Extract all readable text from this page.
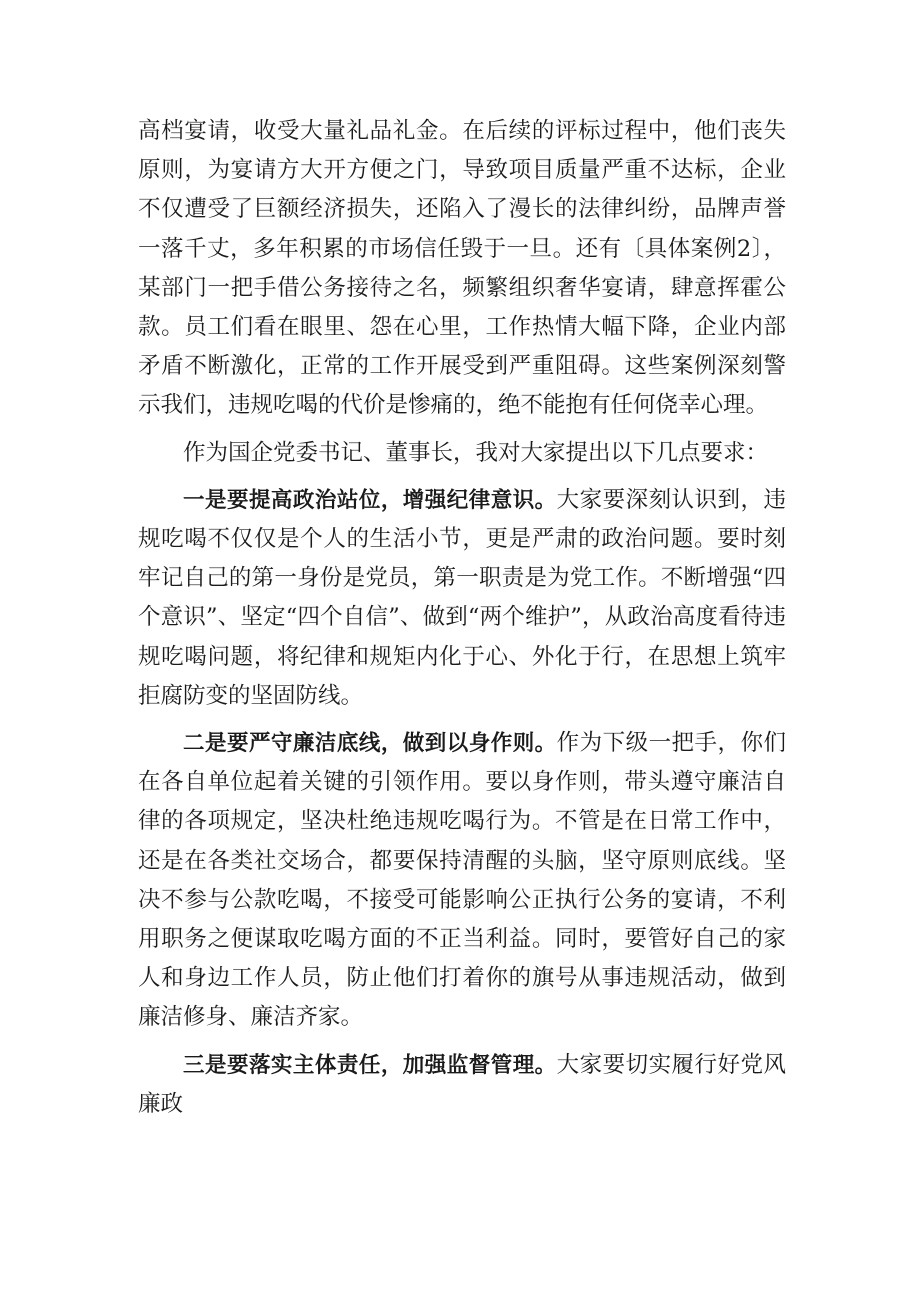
高档宴请，收受大量礼品礼金。在后续的评标过程中，他们丧失原则，为宴请方大开方便之门，导致项目质量严重不达标，企业不仅遭受了巨额经济损失，还陷入了漫长的法律纠纷，品牌声誉一落千丈，多年积累的市场信任毁于一旦。还有〔具体案例2〕，某部门一把手借公务接待之名，频繁组织奢华宴请，肆意挥霍公款。员工们看在眼里、怨在心里，工作热情大幅下降，企业内部矛盾不断激化，正常的工作开展受到严重阻碍。这些案例深刻警示我们，违规吃喝的代价是惨痛的，绝不能抱有任何侥幸心理。

作为国企党委书记、董事长，我对大家提出以下几点要求：

一是要提高政治站位，增强纪律意识。大家要深刻认识到，违规吃喝不仅仅是个人的生活小节，更是严肃的政治问题。要时刻牢记自己的第一身份是党员，第一职责是为党工作。不断增强“四个意识”、坚定“四个自信”、做到“两个维护”，从政治高度看待违规吃喝问题，将纪律和规矩内化于心、外化于行，在思想上筑牢拒腐防变的坚固防线。

二是要严守廉洁底线，做到以身作则。作为下级一把手，你们在各自单位起着关键的引领作用。要以身作则，带头遵守廉洁自律的各项规定，坚决杜绝违规吃喝行为。不管是在日常工作中，还是在各类社交场合，都要保持清醒的头脑，坚守原则底线。坚决不参与公款吃喝，不接受可能影响公正执行公务的宴请，不利用职务之便谋取吃喝方面的不正当利益。同时，要管好自己的家人和身边工作人员，防止他们打着你的旗号从事违规活动，做到廉洁修身、廉洁齐家。

三是要落实主体责任，加强监督管理。大家要切实履行好党风廉政
